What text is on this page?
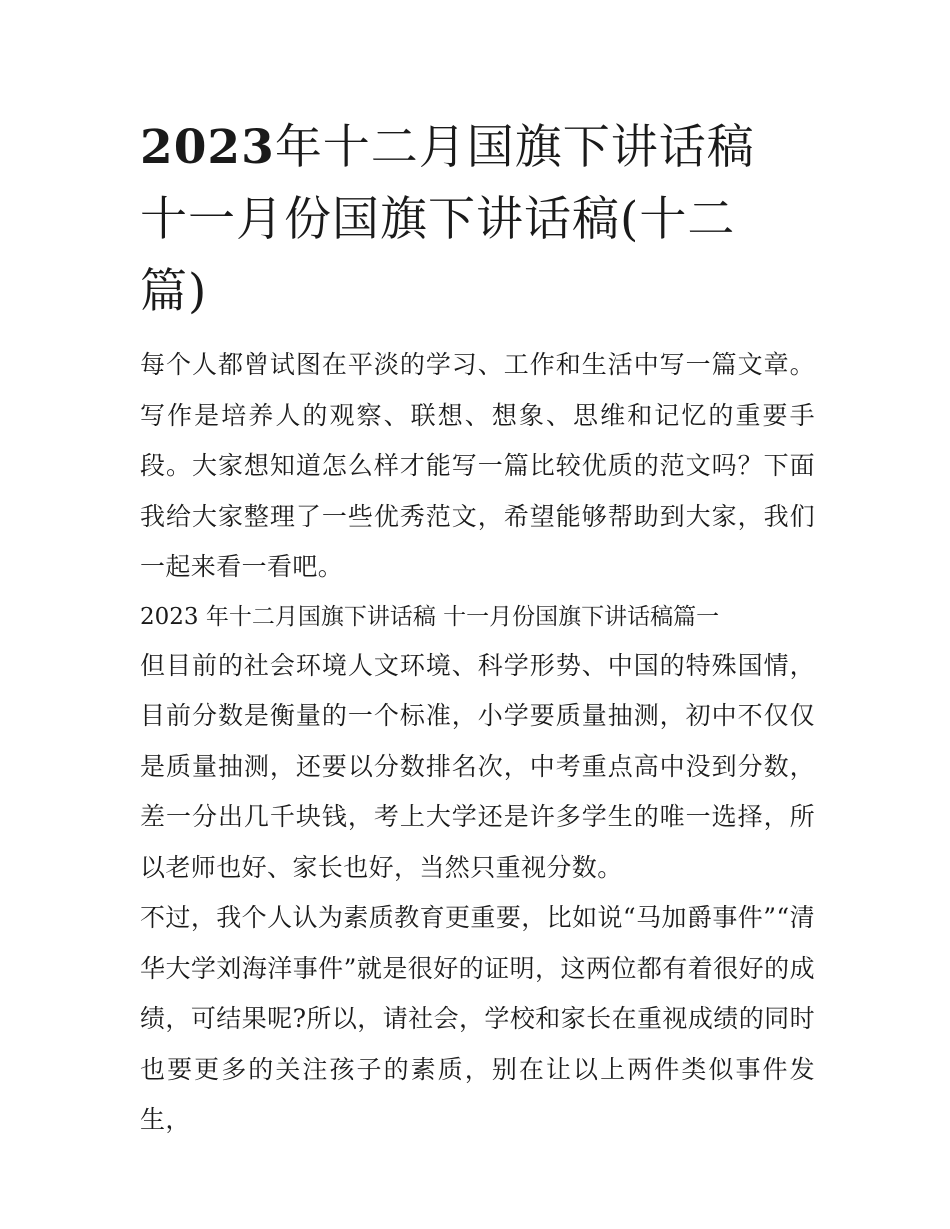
2023年十二月国旗下讲话稿 十一月份国旗下讲话稿(十二篇)

每个人都曾试图在平淡的学习、工作和生活中写一篇文章。写作是培养人的观察、联想、想象、思维和记忆的重要手段。大家想知道怎么样才能写一篇比较优质的范文吗？下面我给大家整理了一些优秀范文，希望能够帮助到大家，我们一起来看一看吧。

2023 年十二月国旗下讲话稿 十一月份国旗下讲话稿篇一

但目前的社会环境人文环境、科学形势、中国的特殊国情，目前分数是衡量的一个标准，小学要质量抽测，初中不仅仅是质量抽测，还要以分数排名次，中考重点高中没到分数，差一分出几千块钱，考上大学还是许多学生的唯一选择，所以老师也好、家长也好，当然只重视分数。

不过，我个人认为素质教育更重要，比如说“马加爵事件”“清华大学刘海洋事件”就是很好的证明，这两位都有着很好的成绩，可结果呢?所以，请社会，学校和家长在重视成绩的同时也要更多的关注孩子的素质，别在让以上两件类似事件发生，
